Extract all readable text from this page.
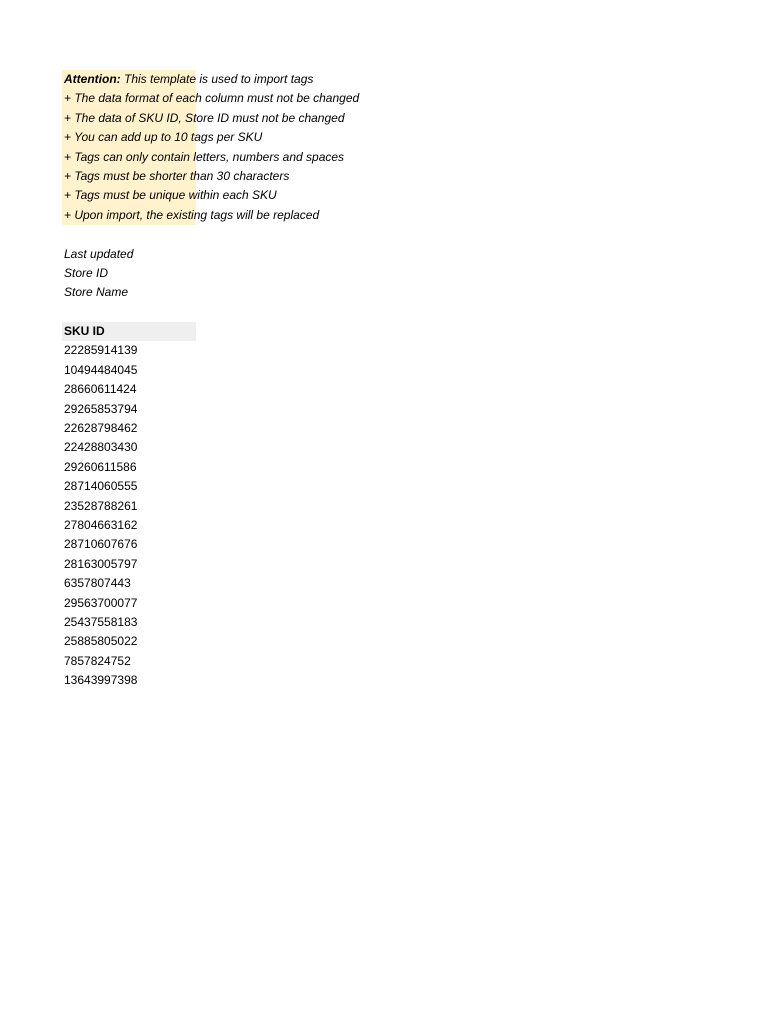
Attention: This template is used to import tags
+ The data format of each column must not be changed
+ The data of SKU ID, Store ID must not be changed
+ You can add up to 10 tags per SKU
+ Tags can only contain letters, numbers and spaces
+ Tags must be shorter than 30 characters
+ Tags must be unique within each SKU
+ Upon import, the existing tags will be replaced
Last updated
Store ID
Store Name
SKU ID
22285914139
10494484045
28660611424
29265853794
22628798462
22428803430
29260611586
28714060555
23528788261
27804663162
28710607676
28163005797
6357807443
29563700077
25437558183
25885805022
7857824752
13643997398
